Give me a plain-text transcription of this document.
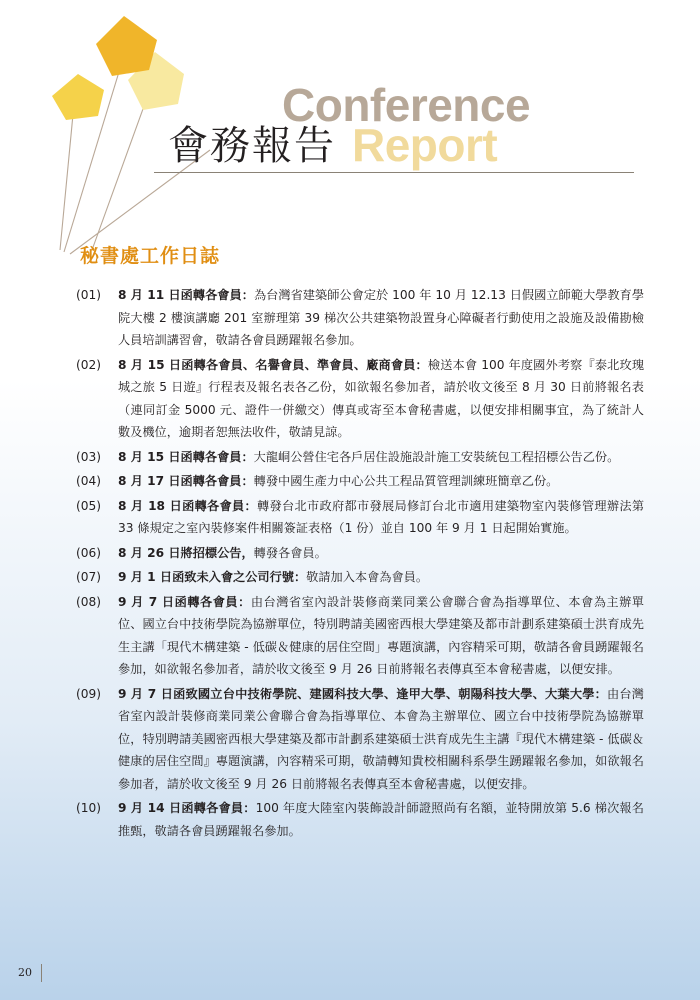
Conference
Report
會務報告
秘書處工作日誌
(01)	8 月 11 日函轉各會員：為台灣省建築師公會定於 100 年 10 月 12.13 日假國立師範大學教育學院大樓 2 樓演講廳 201 室辦理第 39 梯次公共建築物設置身心障礙者行動使用之設施及設備勘檢人員培訓講習會，敬請各會員踴躍報名參加。
(02)	8 月 15 日函轉各會員、名譽會員、準會員、廠商會員：檢送本會 100 年度國外考察『泰北玫瑰城之旅 5 日遊』行程表及報名表各乙份，如欲報名參加者，請於收文後至 8 月 30 日前將報名表（連同訂金 5000 元、證件一併繳交）傳真或寄至本會秘書處，以便安排相關事宜，為了統計人數及機位，逾期者恕無法收件，敬請見諒。
(03)	8 月 15 日函轉各會員：大龍峒公營住宅各戶居住設施設計施工安裝統包工程招標公告乙份。
(04)	8 月 17 日函轉各會員：轉發中國生產力中心公共工程品質管理訓練班簡章乙份。
(05)	8 月 18 日函轉各會員：轉發台北市政府都市發展局修訂台北市適用建築物室內裝修管理辦法第 33 條規定之室內裝修案件相關簽証表格（1 份）並自 100 年 9 月 1 日起開始實施。
(06)	8 月 26 日將招標公告，轉發各會員。
(07)	9 月 1 日函致未入會之公司行號：敬請加入本會為會員。
(08)	9 月 7 日函轉各會員：由台灣省室內設計裝修商業同業公會聯合會為指導單位、本會為主辦單位、國立台中技術學院為協辦單位，特別聘請美國密西根大學建築及都市計劃系建築碩士洪育成先生主講「現代木構建築 - 低碳＆健康的居住空間」專題演講，內容精采可期，敬請各會員踴躍報名參加，如欲報名參加者，請於收文後至 9 月 26 日前將報名表傳真至本會秘書處，以便安排。
(09)	9 月 7 日函致國立台中技術學院、建國科技大學、逢甲大學、朝陽科技大學、大葉大學：由台灣省室內設計裝修商業同業公會聯合會為指導單位、本會為主辦單位、國立台中技術學院為協辦單位，特別聘請美國密西根大學建築及都市計劃系建築碩士洪育成先生主講『現代木構建築 - 低碳＆健康的居住空間』專題演講，內容精采可期，敬請轉知貴校相關科系學生踴躍報名參加，如欲報名參加者，請於收文後至 9 月 26 日前將報名表傳真至本會秘書處，以便安排。
(10)	9 月 14 日函轉各會員：100 年度大陸室內裝飾設計師證照尚有名額，並特開放第 5.6 梯次報名推甄，敬請各會員踴躍報名參加。
20
